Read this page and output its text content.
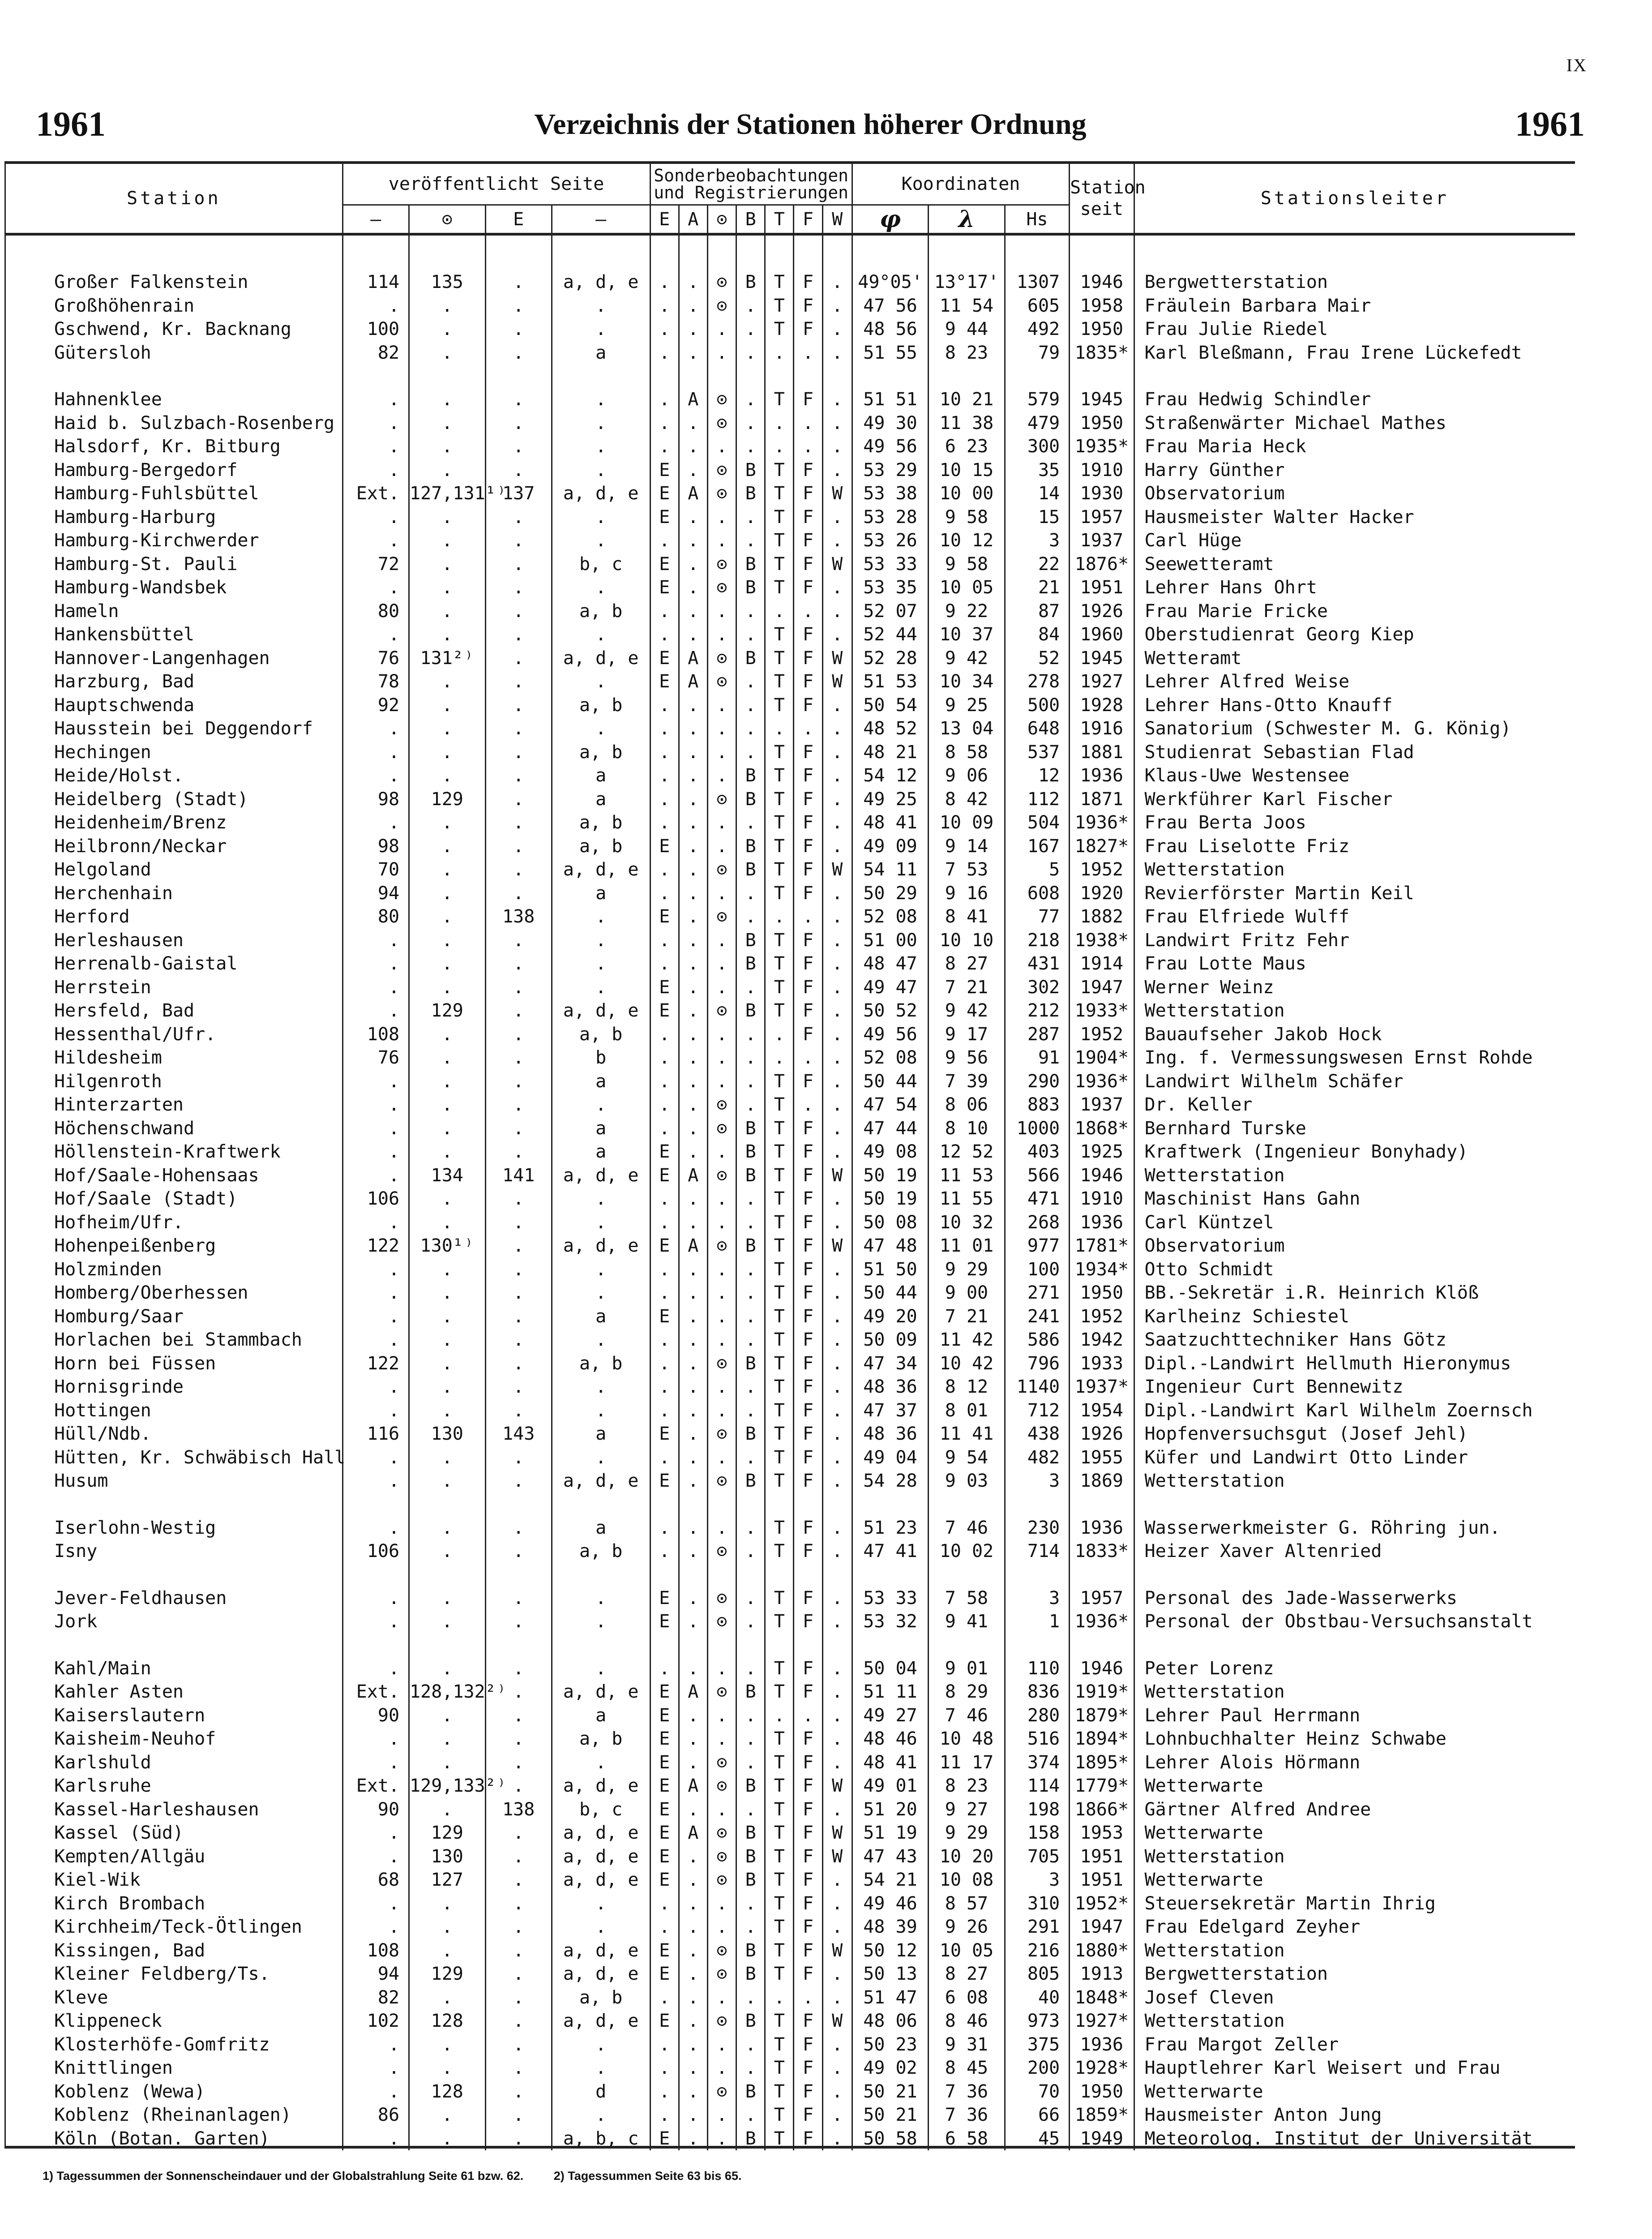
IX
1961	Verzeichnis der Stationen höherer Ordnung	1961
Station	veröffentlicht Seite				Sonderbeobachtungen und Registrierungen							Koordinaten			Station seit	Stationsleiter
	–	⊙	E	–	E	A	⊙	B	T	F	W	φ	λ	Hs		

Großer Falkenstein	114	135	.	a, d, e	.	.	⊙	B	T	F	.	49°05'	13°17'	1307	1946	Bergwetterstation
Großhöhenrain	.	.	.	.	.	.	⊙	.	T	F	.	47 56	11 54	605	1958	Fräulein Barbara Mair
Gschwend, Kr. Backnang	100	.	.	.	.	.	.	.	T	F	.	48 56	9 44	492	1950	Frau Julie Riedel
Gütersloh	82	.	.	a	.	.	.	.	.	.	.	51 55	8 23	79	1835*	Karl Bleßmann, Frau Irene Lückefedt

Hahnenklee	.	.	.	.	.	A	⊙	.	T	F	.	51 51	10 21	579	1945	Frau Hedwig Schindler
Haid b. Sulzbach-Rosenberg	.	.	.	.	.	.	⊙	.	.	.	.	49 30	11 38	479	1950	Straßenwärter Michael Mathes
Halsdorf, Kr. Bitburg	.	.	.	.	.	.	.	.	.	.	.	49 56	6 23	300	1935*	Frau Maria Heck
Hamburg-Bergedorf	.	.	.	.	E	.	⊙	B	T	F	.	53 29	10 15	35	1910	Harry Günther
Hamburg-Fuhlsbüttel	Ext.	127,131¹⁾	137	a, d, e	E	A	⊙	B	T	F	W	53 38	10 00	14	1930	Observatorium
Hamburg-Harburg	.	.	.	.	E	.	.	.	T	F	.	53 28	9 58	15	1957	Hausmeister Walter Hacker
Hamburg-Kirchwerder	.	.	.	.	.	.	.	.	T	F	.	53 26	10 12	3	1937	Carl Hüge
Hamburg-St. Pauli	72	.	.	b, c	E	.	⊙	B	T	F	W	53 33	9 58	22	1876*	Seewetteramt
Hamburg-Wandsbek	.	.	.	.	E	.	⊙	B	T	F	.	53 35	10 05	21	1951	Lehrer Hans Ohrt
Hameln	80	.	.	a, b	.	.	.	.	.	.	.	52 07	9 22	87	1926	Frau Marie Fricke
Hankensbüttel	.	.	.	.	.	.	.	.	T	F	.	52 44	10 37	84	1960	Oberstudienrat Georg Kiep
Hannover-Langenhagen	76	131²⁾	.	a, d, e	E	A	⊙	B	T	F	W	52 28	9 42	52	1945	Wetteramt
Harzburg, Bad	78	.	.	.	E	A	⊙	.	T	F	W	51 53	10 34	278	1927	Lehrer Alfred Weise
Hauptschwenda	92	.	.	a, b	.	.	.	.	T	F	.	50 54	9 25	500	1928	Lehrer Hans-Otto Knauff
Hausstein bei Deggendorf	.	.	.	.	.	.	.	.	.	.	.	48 52	13 04	648	1916	Sanatorium (Schwester M. G. König)
Hechingen	.	.	.	a, b	.	.	.	.	T	F	.	48 21	8 58	537	1881	Studienrat Sebastian Flad
Heide/Holst.	.	.	.	a	.	.	.	B	T	F	.	54 12	9 06	12	1936	Klaus-Uwe Westensee
Heidelberg (Stadt)	98	129	.	a	.	.	⊙	B	T	F	.	49 25	8 42	112	1871	Werkführer Karl Fischer
Heidenheim/Brenz	.	.	.	a, b	.	.	.	.	T	F	.	48 41	10 09	504	1936*	Frau Berta Joos
Heilbronn/Neckar	98	.	.	a, b	E	.	.	B	T	F	.	49 09	9 14	167	1827*	Frau Liselotte Friz
Helgoland	70	.	.	a, d, e	.	.	⊙	B	T	F	W	54 11	7 53	5	1952	Wetterstation
Herchenhain	94	.	.	a	.	.	.	.	T	F	.	50 29	9 16	608	1920	Revierförster Martin Keil
Herford	80	.	138	.	E	.	⊙	.	.	.	.	52 08	8 41	77	1882	Frau Elfriede Wulff
Herleshausen	.	.	.	.	.	.	.	B	T	F	.	51 00	10 10	218	1938*	Landwirt Fritz Fehr
Herrenalb-Gaistal	.	.	.	.	.	.	.	B	T	F	.	48 47	8 27	431	1914	Frau Lotte Maus
Herrstein	.	.	.	.	E	.	.	.	T	F	.	49 47	7 21	302	1947	Werner Weinz
Hersfeld, Bad	.	129	.	a, d, e	E	.	⊙	B	T	F	.	50 52	9 42	212	1933*	Wetterstation
Hessenthal/Ufr.	108	.	.	a, b	.	.	.	.	.	F	.	49 56	9 17	287	1952	Bauaufseher Jakob Hock
Hildesheim	76	.	.	b	.	.	.	.	.	.	.	52 08	9 56	91	1904*	Ing. f. Vermessungswesen Ernst Rohde
Hilgenroth	.	.	.	a	.	.	.	.	T	F	.	50 44	7 39	290	1936*	Landwirt Wilhelm Schäfer
Hinterzarten	.	.	.	.	.	.	⊙	.	T	.	.	47 54	8 06	883	1937	Dr. Keller
Höchenschwand	.	.	.	a	.	.	⊙	B	T	F	.	47 44	8 10	1000	1868*	Bernhard Turske
Höllenstein-Kraftwerk	.	.	.	a	E	.	.	B	T	F	.	49 08	12 52	403	1925	Kraftwerk (Ingenieur Bonyhady)
Hof/Saale-Hohensaas	.	134	141	a, d, e	E	A	⊙	B	T	F	W	50 19	11 53	566	1946	Wetterstation
Hof/Saale (Stadt)	106	.	.	.	.	.	.	.	T	F	.	50 19	11 55	471	1910	Maschinist Hans Gahn
Hofheim/Ufr.	.	.	.	.	.	.	.	.	T	F	.	50 08	10 32	268	1936	Carl Küntzel
Hohenpeißenberg	122	130¹⁾	.	a, d, e	E	A	⊙	B	T	F	W	47 48	11 01	977	1781*	Observatorium
Holzminden	.	.	.	.	.	.	.	.	T	F	.	51 50	9 29	100	1934*	Otto Schmidt
Homberg/Oberhessen	.	.	.	.	.	.	.	.	T	F	.	50 44	9 00	271	1950	BB.-Sekretär i.R. Heinrich Klöß
Homburg/Saar	.	.	.	a	E	.	.	.	T	F	.	49 20	7 21	241	1952	Karlheinz Schiestel
Horlachen bei Stammbach	.	.	.	.	.	.	.	.	T	F	.	50 09	11 42	586	1942	Saatzuchttechniker Hans Götz
Horn bei Füssen	122	.	.	a, b	.	.	⊙	B	T	F	.	47 34	10 42	796	1933	Dipl.-Landwirt Hellmuth Hieronymus
Hornisgrinde	.	.	.	.	.	.	.	.	T	F	.	48 36	8 12	1140	1937*	Ingenieur Curt Bennewitz
Hottingen	.	.	.	.	.	.	.	.	T	F	.	47 37	8 01	712	1954	Dipl.-Landwirt Karl Wilhelm Zoernsch
Hüll/Ndb.	116	130	143	a	E	.	⊙	B	T	F	.	48 36	11 41	438	1926	Hopfenversuchsgut (Josef Jehl)
Hütten, Kr. Schwäbisch Hall	.	.	.	.	.	.	.	.	T	F	.	49 04	9 54	482	1955	Küfer und Landwirt Otto Linder
Husum	.	.	.	a, d, e	E	.	⊙	B	T	F	.	54 28	9 03	3	1869	Wetterstation

Iserlohn-Westig	.	.	.	a	.	.	.	.	T	F	.	51 23	7 46	230	1936	Wasserwerkmeister G. Röhring jun.
Isny	106	.	.	a, b	.	.	⊙	.	T	F	.	47 41	10 02	714	1833*	Heizer Xaver Altenried

Jever-Feldhausen	.	.	.	.	E	.	⊙	.	T	F	.	53 33	7 58	3	1957	Personal des Jade-Wasserwerks
Jork	.	.	.	.	E	.	⊙	.	T	F	.	53 32	9 41	1	1936*	Personal der Obstbau-Versuchsanstalt

Kahl/Main	.	.	.	.	.	.	.	.	T	F	.	50 04	9 01	110	1946	Peter Lorenz
Kahler Asten	Ext.	128,132²⁾	.	a, d, e	E	A	⊙	B	T	F	.	51 11	8 29	836	1919*	Wetterstation
Kaiserslautern	90	.	.	a	E	.	.	.	.	.	.	49 27	7 46	280	1879*	Lehrer Paul Herrmann
Kaisheim-Neuhof	.	.	.	a, b	E	.	.	.	T	F	.	48 46	10 48	516	1894*	Lohnbuchhalter Heinz Schwabe
Karlshuld	.	.	.	.	E	.	⊙	.	T	F	.	48 41	11 17	374	1895*	Lehrer Alois Hörmann
Karlsruhe	Ext.	129,133²⁾	.	a, d, e	E	A	⊙	B	T	F	W	49 01	8 23	114	1779*	Wetterwarte
Kassel-Harleshausen	90	.	138	b, c	E	.	.	.	T	F	.	51 20	9 27	198	1866*	Gärtner Alfred Andree
Kassel (Süd)	.	129	.	a, d, e	E	A	⊙	B	T	F	W	51 19	9 29	158	1953	Wetterwarte
Kempten/Allgäu	.	130	.	a, d, e	E	.	⊙	B	T	F	W	47 43	10 20	705	1951	Wetterstation
Kiel-Wik	68	127	.	a, d, e	E	.	⊙	B	T	F	.	54 21	10 08	3	1951	Wetterwarte
Kirch Brombach	.	.	.	.	.	.	.	.	T	F	.	49 46	8 57	310	1952*	Steuersekretär Martin Ihrig
Kirchheim/Teck-Ötlingen	.	.	.	.	.	.	.	.	T	F	.	48 39	9 26	291	1947	Frau Edelgard Zeyher
Kissingen, Bad	108	.	.	a, d, e	E	.	⊙	B	T	F	W	50 12	10 05	216	1880*	Wetterstation
Kleiner Feldberg/Ts.	94	129	.	a, d, e	E	.	⊙	B	T	F	.	50 13	8 27	805	1913	Bergwetterstation
Kleve	82	.	.	a, b	.	.	.	.	.	.	.	51 47	6 08	40	1848*	Josef Cleven
Klippeneck	102	128	.	a, d, e	E	.	⊙	B	T	F	W	48 06	8 46	973	1927*	Wetterstation
Klosterhöfe-Gomfritz	.	.	.	.	.	.	.	.	T	F	.	50 23	9 31	375	1936	Frau Margot Zeller
Knittlingen	.	.	.	.	.	.	.	.	T	F	.	49 02	8 45	200	1928*	Hauptlehrer Karl Weisert und Frau
Koblenz (Wewa)	.	128	.	d	.	.	⊙	B	T	F	.	50 21	7 36	70	1950	Wetterwarte
Koblenz (Rheinanlagen)	86	.	.	.	.	.	.	.	T	F	.	50 21	7 36	66	1859*	Hausmeister Anton Jung
Köln (Botan. Garten)	.	.	.	a, b, c	E	.	.	B	T	F	.	50 58	6 58	45	1949	Meteorolog. Institut der Universität
1) Tagessummen der Sonnenscheindauer und der Globalstrahlung Seite 61 bzw. 62.	2) Tagessummen Seite 63 bis 65.
